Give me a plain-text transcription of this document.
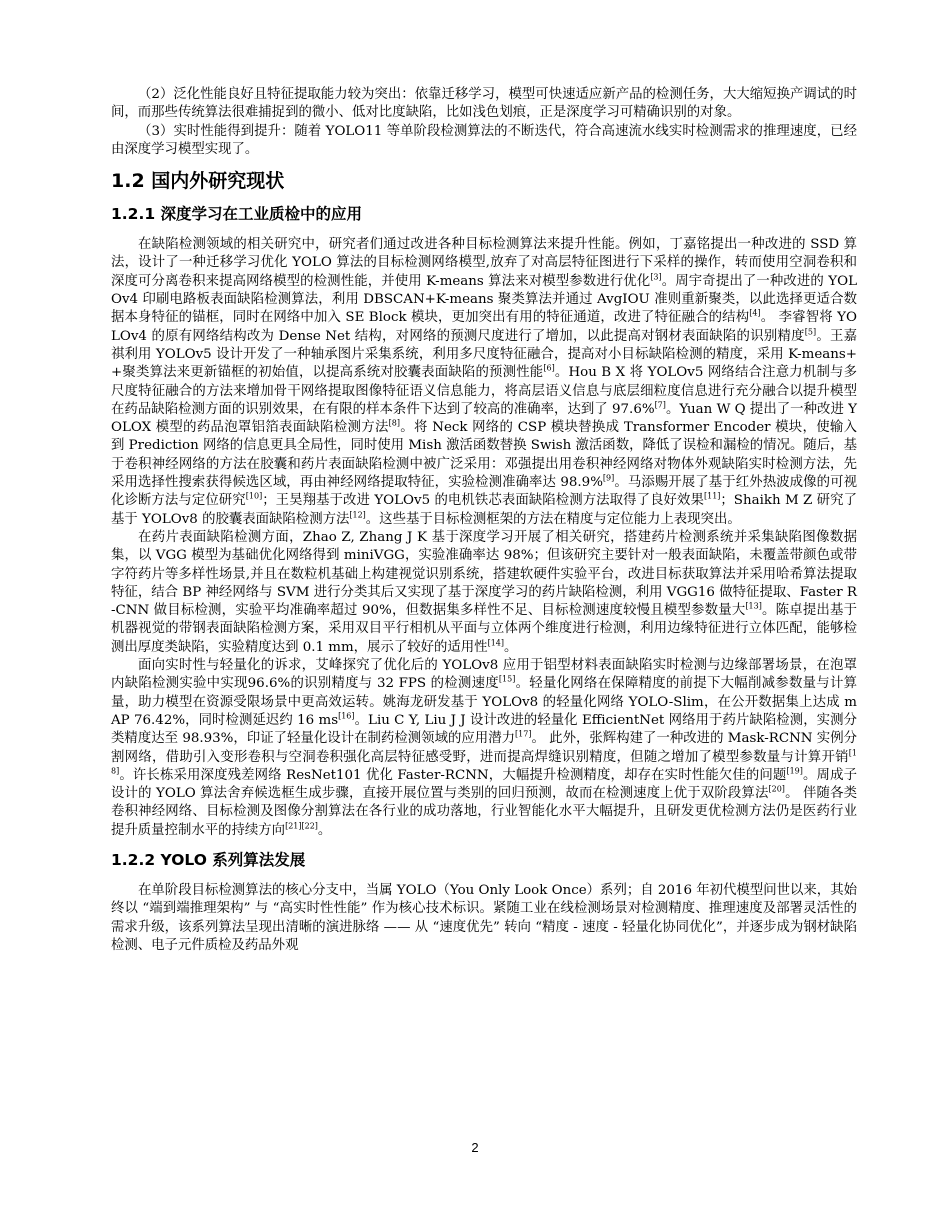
（2）泛化性能良好且特征提取能力较为突出：依靠迁移学习，模型可快速适应新产品的检测任务，大大缩短换产调试的时间，而那些传统算法很难捕捉到的微小、低对比度缺陷，比如浅色划痕，正是深度学习可精确识别的对象。

（3）实时性能得到提升：随着 YOLO11 等单阶段检测算法的不断迭代，符合高速流水线实时检测需求的推理速度，已经由深度学习模型实现了。

1.2 国内外研究现状
1.2.1 深度学习在工业质检中的应用

在缺陷检测领域的相关研究中，研究者们通过改进各种目标检测算法来提升性能。例如，丁嘉铭提出一种改进的 SSD 算法，设计了一种迁移学习优化 YOLO 算法的目标检测网络模型,放弃了对高层特征图进行下采样的操作，转而使用空洞卷积和深度可分离卷积来提高网络模型的检测性能，并使用 K-means 算法来对模型参数进行优化[3]。周宇奇提出了一种改进的 YOLOv4 印刷电路板表面缺陷检测算法，利用 DBSCAN+K-means 聚类算法并通过 AvgIOU 准则重新聚类，以此选择更适合数据本身特征的锚框，同时在网络中加入 SE Block 模块，更加突出有用的特征通道，改进了特征融合的结构[4]。 李睿智将 YOLOv4 的原有网络结构改为 Dense Net 结构，对网络的预测尺度进行了增加，以此提高对钢材表面缺陷的识别精度[5]。王嘉祺利用 YOLOv5 设计开发了一种轴承图片采集系统，利用多尺度特征融合，提高对小目标缺陷检测的精度，采用 K-means++聚类算法来更新锚框的初始值，以提高系统对胶囊表面缺陷的预测性能[6]。Hou B X 将 YOLOv5 网络结合注意力机制与多尺度特征融合的方法来增加骨干网络提取图像特征语义信息能力，将高层语义信息与底层细粒度信息进行充分融合以提升模型在药品缺陷检测方面的识别效果，在有限的样本条件下达到了较高的准确率，达到了 97.6%[7]。Yuan W Q 提出了一种改进 YOLOX 模型的药品泡罩铝箔表面缺陷检测方法[8]。将 Neck 网络的 CSP 模块替换成 Transformer Encoder 模块，使输入到 Prediction 网络的信息更具全局性，同时使用 Mish 激活函数替换 Swish 激活函数，降低了误检和漏检的情况。随后，基于卷积神经网络的方法在胶囊和药片表面缺陷检测中被广泛采用：邓强提出用卷积神经网络对物体外观缺陷实时检测方法，先采用选择性搜索获得候选区域，再由神经网络提取特征，实验检测准确率达 98.9%[9]。马添赐开展了基于红外热波成像的可视化诊断方法与定位研究[10]；王昊翔基于改进 YOLOv5 的电机铁芯表面缺陷检测方法取得了良好效果[11]；Shaikh M Z 研究了基于 YOLOv8 的胶囊表面缺陷检测方法[12]。这些基于目标检测框架的方法在精度与定位能力上表现突出。

在药片表面缺陷检测方面，Zhao Z, Zhang J K 基于深度学习开展了相关研究，搭建药片检测系统并采集缺陷图像数据集，以 VGG 模型为基础优化网络得到 miniVGG，实验准确率达 98%；但该研究主要针对一般表面缺陷，未覆盖带颜色或带字符药片等多样性场景,并且在数粒机基础上构建视觉识别系统，搭建软硬件实验平台，改进目标获取算法并采用哈希算法提取特征，结合 BP 神经网络与 SVM 进行分类其后又实现了基于深度学习的药片缺陷检测，利用 VGG16 做特征提取、Faster R-CNN 做目标检测，实验平均准确率超过 90%，但数据集多样性不足、目标检测速度较慢且模型参数量大[13]。陈卓提出基于机器视觉的带钢表面缺陷检测方案，采用双目平行相机从平面与立体两个维度进行检测，利用边缘特征进行立体匹配，能够检测出厚度类缺陷，实验精度达到 0.1 mm，展示了较好的适用性[14]。

面向实时性与轻量化的诉求，艾峰探究了优化后的 YOLOv8 应用于铝型材料表面缺陷实时检测与边缘部署场景，在泡罩内缺陷检测实验中实现96.6%的识别精度与 32 FPS 的检测速度[15]。轻量化网络在保障精度的前提下大幅削减参数量与计算量，助力模型在资源受限场景中更高效运转。姚海龙研发基于 YOLOv8 的轻量化网络 YOLO-Slim，在公开数据集上达成 mAP 76.42%，同时检测延迟约 16 ms[16]。Liu C Y, Liu J J 设计改进的轻量化 EfficientNet 网络用于药片缺陷检测，实测分类精度达至 98.93%，印证了轻量化设计在制药检测领域的应用潜力[17]。 此外，张辉构建了一种改进的 Mask-RCNN 实例分割网络，借助引入变形卷积与空洞卷积强化高层特征感受野，进而提高焊缝识别精度，但随之增加了模型参数量与计算开销[18]。许长栋采用深度残差网络 ResNet101 优化 Faster-RCNN，大幅提升检测精度，却存在实时性能欠佳的问题[19]。周成子设计的 YOLO 算法舍弃候选框生成步骤，直接开展位置与类别的回归预测，故而在检测速度上优于双阶段算法[20]。 伴随各类卷积神经网络、目标检测及图像分割算法在各行业的成功落地，行业智能化水平大幅提升，且研发更优检测方法仍是医药行业提升质量控制水平的持续方向[21][22]。

1.2.2 YOLO 系列算法发展

在单阶段目标检测算法的核心分支中，当属 YOLO（You Only Look Once）系列；自 2016 年初代模型问世以来，其始终以 “端到端推理架构” 与 “高实时性性能” 作为核心技术标识。紧随工业在线检测场景对检测精度、推理速度及部署灵活性的需求升级，该系列算法呈现出清晰的演进脉络 —— 从 “速度优先” 转向 “精度 - 速度 - 轻量化协同优化”，并逐步成为钢材缺陷检测、电子元件质检及药品外观

2
